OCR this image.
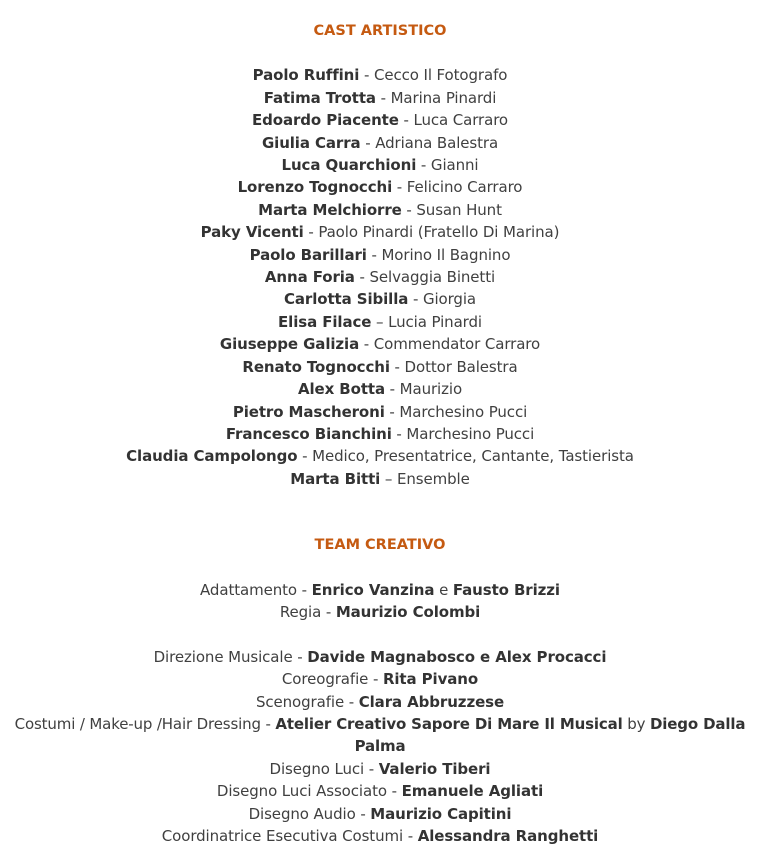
CAST ARTISTICO

Paolo Ruffini - Cecco Il Fotografo

Fatima Trotta - Marina Pinardi

Edoardo Piacente - Luca Carraro

Giulia Carra - Adriana Balestra

Luca Quarchioni - Gianni

Lorenzo Tognocchi - Felicino Carraro

Marta Melchiorre - Susan Hunt

Paky Vicenti - Paolo Pinardi (Fratello Di Marina)

Paolo Barillari - Morino Il Bagnino

Anna Foria - Selvaggia Binetti

Carlotta Sibilla - Giorgia

Elisa Filace – Lucia Pinardi

Giuseppe Galizia - Commendator Carraro

Renato Tognocchi - Dottor Balestra

Alex Botta - Maurizio

Pietro Mascheroni - Marchesino Pucci

Francesco Bianchini - Marchesino Pucci

Claudia Campolongo - Medico, Presentatrice, Cantante, Tastierista

Marta Bitti – Ensemble

TEAM CREATIVO

Adattamento - Enrico Vanzina e Fausto Brizzi

Regia - Maurizio Colombi

Direzione Musicale - Davide Magnabosco e Alex Procacci

Coreografie - Rita Pivano

Scenografie - Clara Abbruzzese

Costumi / Make-up /Hair Dressing - Atelier Creativo Sapore Di Mare Il Musical by Diego Dalla Palma

Disegno Luci - Valerio Tiberi

Disegno Luci Associato - Emanuele Agliati

Disegno Audio - Maurizio Capitini

Coordinatrice Esecutiva Costumi - Alessandra Ranghetti
